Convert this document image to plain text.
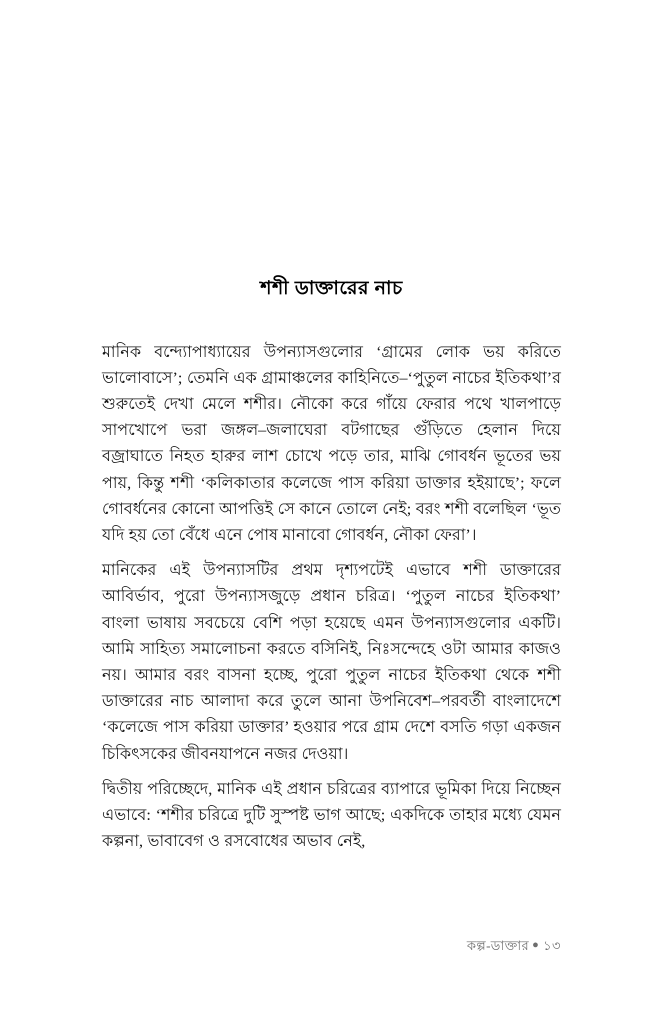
শশী ডাক্তারের নাচ

মানিক বন্দ্যোপাধ্যায়ের উপন্যাসগুলোর ‘গ্রামের লোক ভয় করিতে ভালোবাসে’; তেমনি এক গ্রামাঞ্চলের কাহিনিতে–‘পুতুল নাচের ইতিকথা’র শুরুতেই দেখা মেলে শশীর। নৌকো করে গাঁয়ে ফেরার পথে খালপাড়ে সাপখোপে ভরা জঙ্গল–জলাঘেরা বটগাছের গুঁড়িতে হেলান দিয়ে বজ্রাঘাতে নিহত হারুর লাশ চোখে পড়ে তার, মাঝি গোবর্ধন ভূতের ভয় পায়, কিন্তু শশী ‘কলিকাতার কলেজে পাস করিয়া ডাক্তার হইয়াছে’; ফলে গোবর্ধনের কোনো আপত্তিই সে কানে তোলে নেই; বরং শশী বলেছিল ‘ভূত যদি হয় তো বেঁধে এনে পোষ মানাবো গোবর্ধন, নৌকা ফেরা’।

মানিকের এই উপন্যাসটির প্রথম দৃশ্যপটেই এভাবে শশী ডাক্তারের আবির্ভাব, পুরো উপন্যাসজুড়ে প্রধান চরিত্র। ‘পুতুল নাচের ইতিকথা’ বাংলা ভাষায় সবচেয়ে বেশি পড়া হয়েছে এমন উপন্যাসগুলোর একটি। আমি সাহিত্য সমালোচনা করতে বসিনিই, নিঃসন্দেহে ওটা আমার কাজও নয়। আমার বরং বাসনা হচ্ছে, পুরো পুতুল নাচের ইতিকথা থেকে শশী ডাক্তারের নাচ আলাদা করে তুলে আনা উপনিবেশ–পরবর্তী বাংলাদেশে ‘কলেজে পাস করিয়া ডাক্তার’ হওয়ার পরে গ্রাম দেশে বসতি গড়া একজন চিকিৎসকের জীবনযাপনে নজর দেওয়া।

দ্বিতীয় পরিচ্ছেদে, মানিক এই প্রধান চরিত্রের ব্যাপারে ভূমিকা দিয়ে নিচ্ছেন এভাবে: ‘শশীর চরিত্রে দুটি সুস্পষ্ট ভাগ আছে; একদিকে তাহার মধ্যে যেমন কল্পনা, ভাবাবেগ ও রসবোধের অভাব নেই,

কল্প-ডাক্তার ● ১৩
